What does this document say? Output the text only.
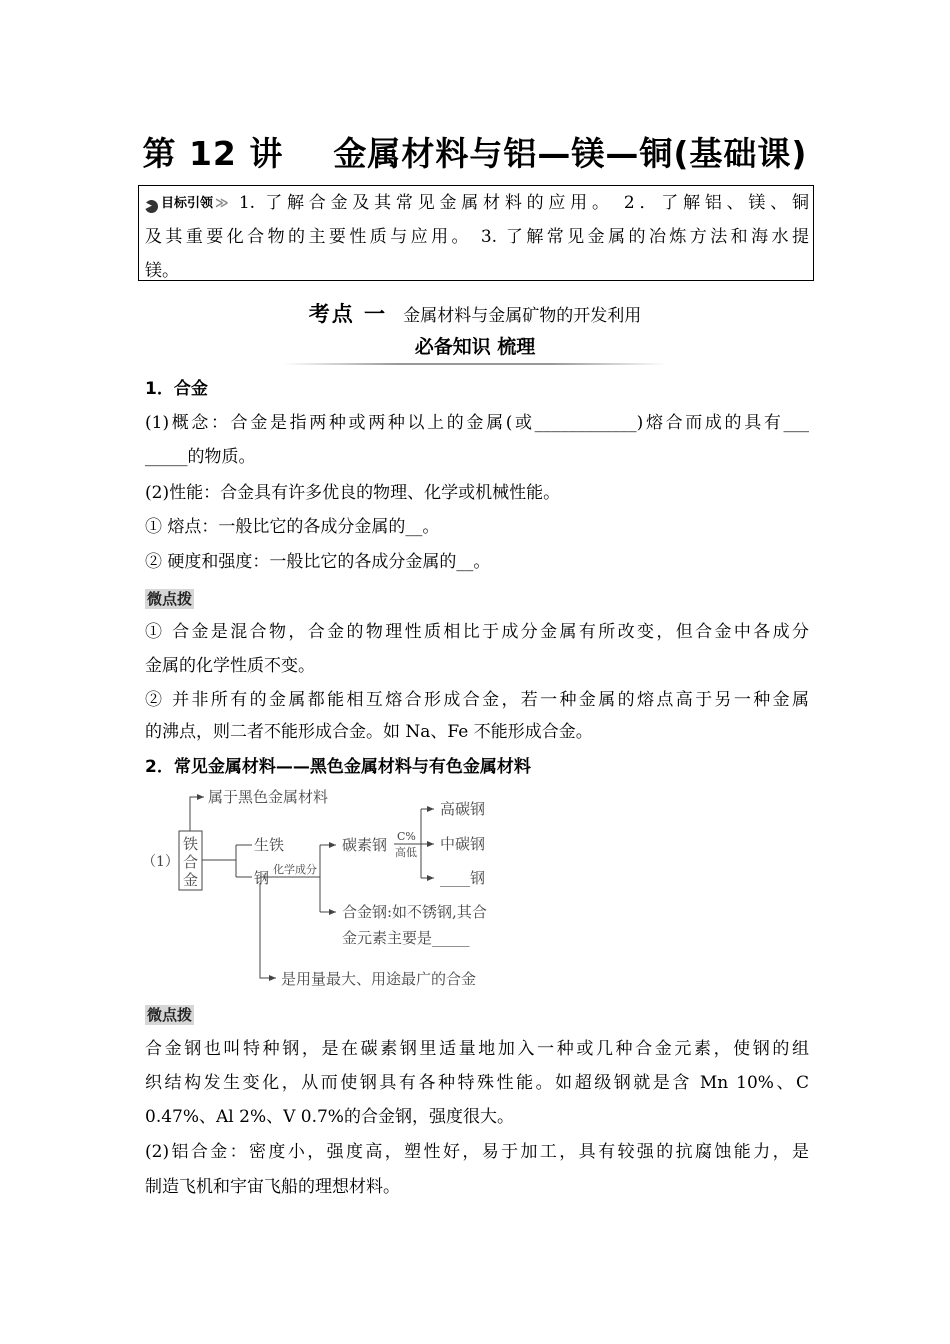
第 12 讲    金属材料与铝—镁—铜(基础课)
▶ 目标引领 ≫ 1. 了解合金及其常见金属材料的应用。 2．了解铝、镁、铜
及其重要化合物的主要性质与应用。 3. 了解常见金属的冶炼方法和海水提
镁。
考点 一 金属材料与金属矿物的开发利用
必备知识 梳理
1．合金
(1)概念：合金是指两种或两种以上的金属(或____________)熔合而成的具有___
_____的物质。
(2)性能：合金具有许多优良的物理、化学或机械性能。
① 熔点：一般比它的各成分金属的__。
② 硬度和强度：一般比它的各成分金属的__。
微点拨
① 合金是混合物，合金的物理性质相比于成分金属有所改变，但合金中各成分
金属的化学性质不变。
② 并非所有的金属都能相互熔合形成合金，若一种金属的熔点高于另一种金属
的沸点，则二者不能形成合金。如 Na、Fe 不能形成合金。
2．常见金属材料——黑色金属材料与有色金属材料
（1）
铁
合
金
属于黑色金属材料
生铁
钢 化学成分
碳素钢 C%
高低
高碳钢
中碳钢
____钢
合金钢:如不锈钢,其合
金元素主要是_____
是用量最大、用途最广的合金
微点拨
合金钢也叫特种钢，是在碳素钢里适量地加入一种或几种合金元素，使钢的组
织结构发生变化，从而使钢具有各种特殊性能。如超级钢就是含 Mn 10%、C
0.47%、Al 2%、V 0.7%的合金钢，强度很大。
(2)铝合金：密度小，强度高，塑性好，易于加工，具有较强的抗腐蚀能力，是
制造飞机和宇宙飞船的理想材料。
